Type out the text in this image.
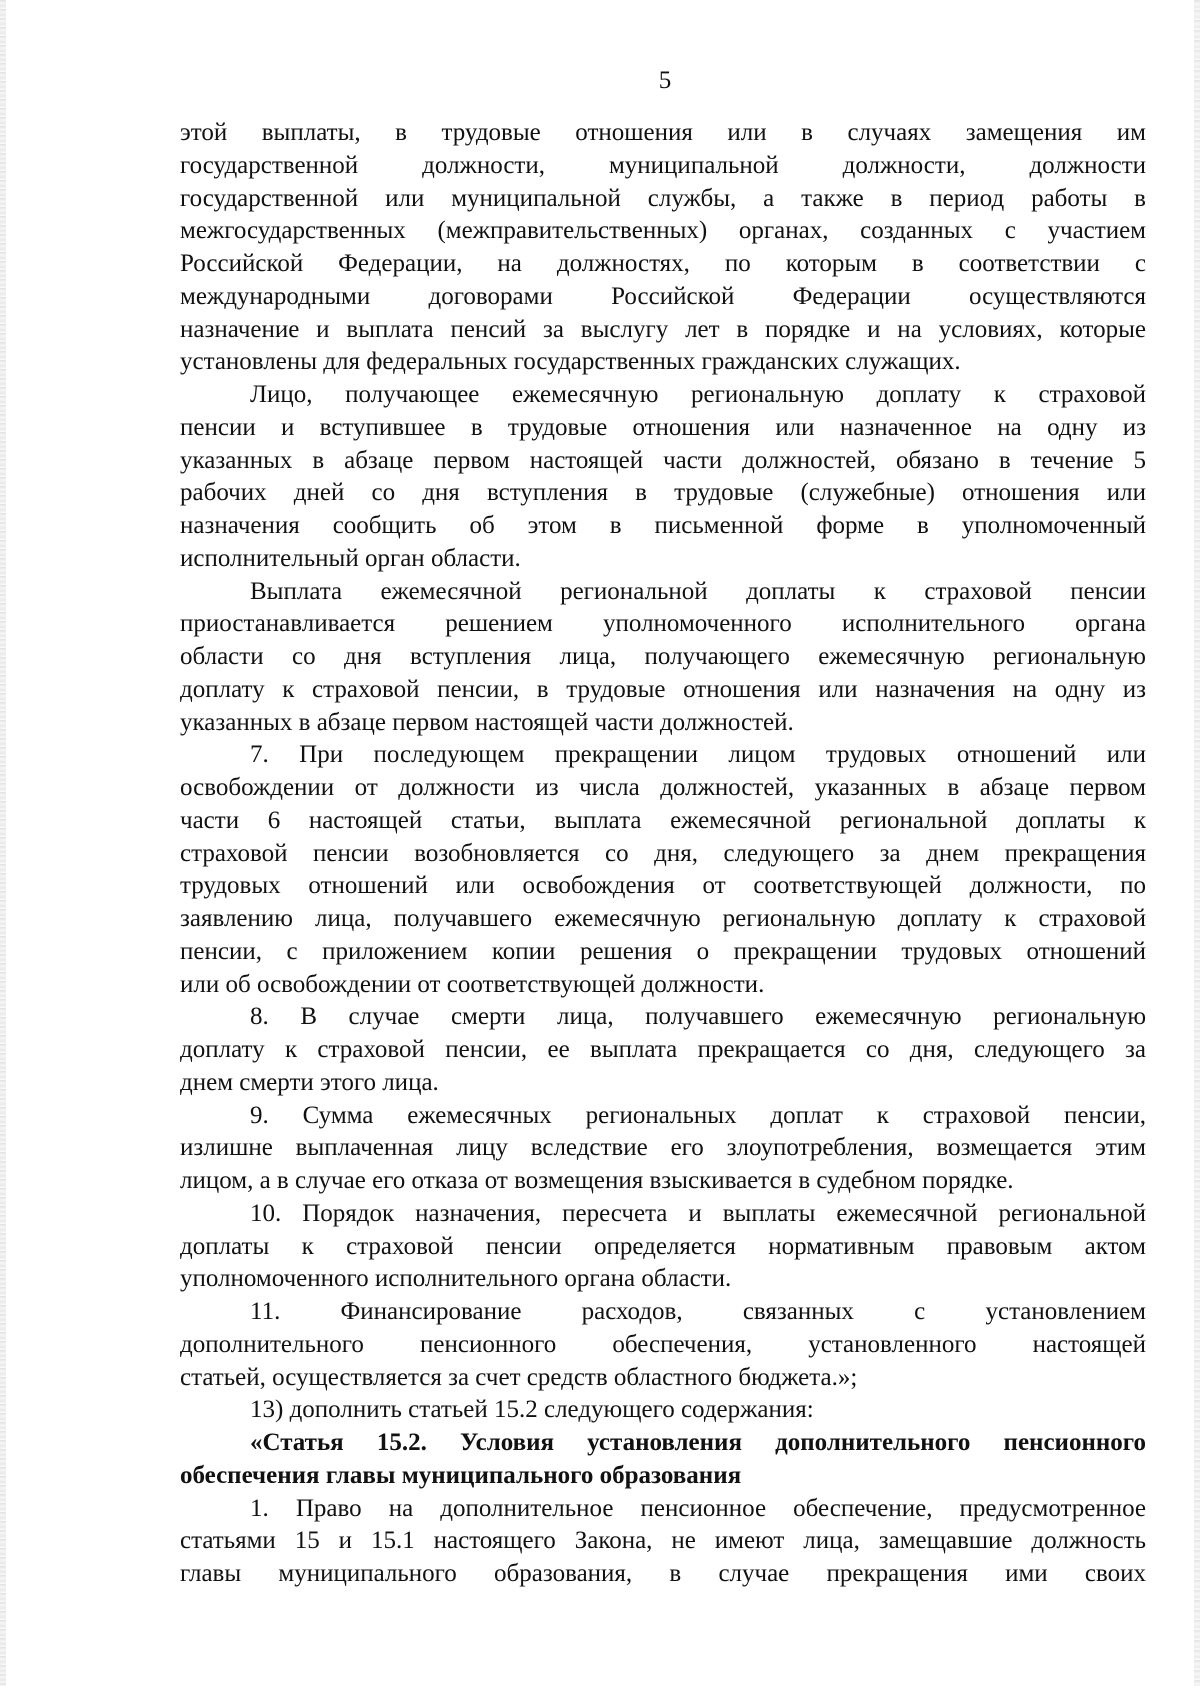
5
этой выплаты, в трудовые отношения или в случаях замещения им
государственной должности, муниципальной должности, должности
государственной или муниципальной службы, а также в период работы в
межгосударственных (межправительственных) органах, созданных с участием
Российской Федерации, на должностях, по которым в соответствии с
международными договорами Российской Федерации осуществляются
назначение и выплата пенсий за выслугу лет в порядке и на условиях, которые
установлены для федеральных государственных гражданских служащих.
Лицо, получающее ежемесячную региональную доплату к страховой
пенсии и вступившее в трудовые отношения или назначенное на одну из
указанных в абзаце первом настоящей части должностей, обязано в течение 5
рабочих дней со дня вступления в трудовые (служебные) отношения или
назначения сообщить об этом в письменной форме в уполномоченный
исполнительный орган области.
Выплата ежемесячной региональной доплаты к страховой пенсии
приостанавливается решением уполномоченного исполнительного органа
области со дня вступления лица, получающего ежемесячную региональную
доплату к страховой пенсии, в трудовые отношения или назначения на одну из
указанных в абзаце первом настоящей части должностей.
7. При последующем прекращении лицом трудовых отношений или
освобождении от должности из числа должностей, указанных в абзаце первом
части 6 настоящей статьи, выплата ежемесячной региональной доплаты к
страховой пенсии возобновляется со дня, следующего за днем прекращения
трудовых отношений или освобождения от соответствующей должности, по
заявлению лица, получавшего ежемесячную региональную доплату к страховой
пенсии, с приложением копии решения о прекращении трудовых отношений
или об освобождении от соответствующей должности.
8. В случае смерти лица, получавшего ежемесячную региональную
доплату к страховой пенсии, ее выплата прекращается со дня, следующего за
днем смерти этого лица.
9. Сумма ежемесячных региональных доплат к страховой пенсии,
излишне выплаченная лицу вследствие его злоупотребления, возмещается этим
лицом, а в случае его отказа от возмещения взыскивается в судебном порядке.
10. Порядок назначения, пересчета и выплаты ежемесячной региональной
доплаты к страховой пенсии определяется нормативным правовым актом
уполномоченного исполнительного органа области.
11. Финансирование расходов, связанных с установлением
дополнительного пенсионного обеспечения, установленного настоящей
статьей, осуществляется за счет средств областного бюджета.»;
13) дополнить статьей 15.2 следующего содержания:
«Статья 15.2. Условия установления дополнительного пенсионного
обеспечения главы муниципального образования
1. Право на дополнительное пенсионное обеспечение, предусмотренное
статьями 15 и 15.1 настоящего Закона, не имеют лица, замещавшие должность
главы муниципального образования, в случае прекращения ими своих
